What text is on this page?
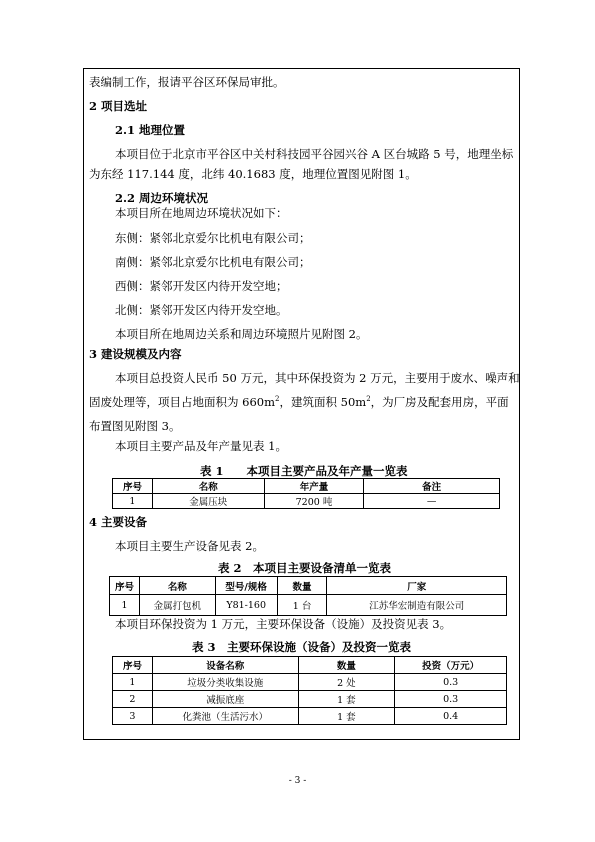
表编制工作，报请平谷区环保局审批。
2 项目选址
2.1 地理位置
本项目位于北京市平谷区中关村科技园平谷园兴谷 A 区台城路 5 号，地理坐标
为东经 117.144 度，北纬 40.1683 度，地理位置图见附图 1。
2.2 周边环境状况
本项目所在地周边环境状况如下：
东侧：紧邻北京爱尔比机电有限公司；
南侧：紧邻北京爱尔比机电有限公司；
西侧：紧邻开发区内待开发空地；
北侧：紧邻开发区内待开发空地。
本项目所在地周边关系和周边环境照片见附图 2。
3 建设规模及内容
本项目总投资人民币 50 万元，其中环保投资为 2 万元，主要用于废水、噪声和
固废处理等，项目占地面积为 $660m^2$，建筑面积 $50m^2$，为厂房及配套用房，平面
布置图见附图 3。
本项目主要产品及年产量见表 1。
表 1　　本项目主要产品及年产量一览表
序号	名称	年产量	备注
1	金属压块	7200 吨	—
4 主要设备
本项目主要生产设备见表 2。
表 2　本项目主要设备清单一览表
序号	名称	型号/规格	数量	厂家
1	金属打包机	Y81-160	1 台	江苏华宏制造有限公司
本项目环保投资为 1 万元，主要环保设备（设施）及投资见表 3。
表 3　主要环保设施（设备）及投资一览表
序号	设备名称	数量	投资（万元）
1	垃圾分类收集设施	2 处	0.3
2	减振底座	1 套	0.3
3	化粪池（生活污水）	1 套	0.4
- 3 -
